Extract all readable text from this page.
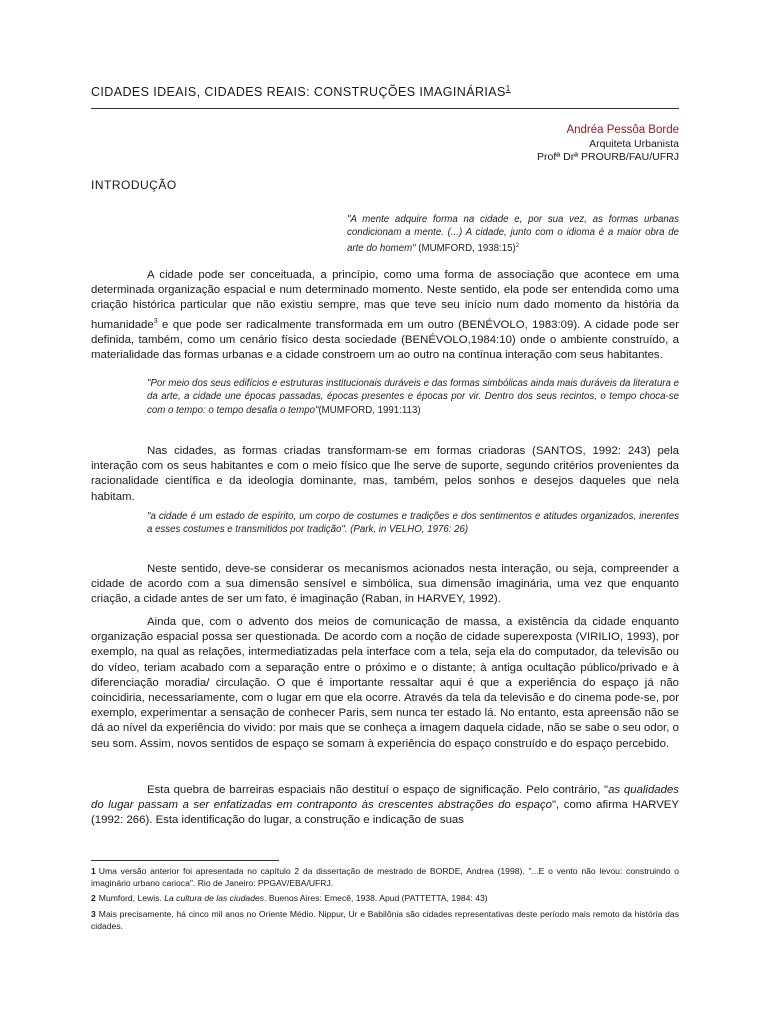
CIDADES IDEAIS, CIDADES REAIS: CONSTRUÇÕES IMAGINÁRIAS$^1$
Andréa Pessôa Borde
Arquiteta Urbanista
Profª Drª PROURB/FAU/UFRJ
INTRODUÇÃO
"A mente adquire forma na cidade e, por sua vez, as formas urbanas condicionam a mente. (...) A cidade, junto com o idioma é a maior obra de arte do homem" (MUMFORD, 1938:15)$^2$
A cidade pode ser conceituada, a princípio, como uma forma de associação que acontece em uma determinada organização espacial e num determinado momento. Neste sentido, ela pode ser entendida como uma criação histórica particular que não existiu sempre, mas que teve seu início num dado momento da história da humanidade$^3$ e que pode ser radicalmente transformada em um outro (BENÉVOLO, 1983:09). A cidade pode ser definida, também, como um cenário físico desta sociedade (BENÉVOLO,1984:10) onde o ambiente construído, a materialidade das formas urbanas e a cidade constroem um ao outro na contínua interação com seus habitantes.
"Por meio dos seus edifícios e estruturas institucionais duráveis e das formas simbólicas ainda mais duráveis da literatura e da arte, a cidade une épocas passadas, épocas presentes e épocas por vir. Dentro dos seus recintos, o tempo choca-se com o tempo: o tempo desafia o tempo"(MUMFORD, 1991:113)
Nas cidades, as formas criadas transformam-se em formas criadoras (SANTOS, 1992: 243) pela interação com os seus habitantes e com o meio físico que lhe serve de suporte, segundo critérios provenientes da racionalidade científica e da ideologia dominante, mas, também, pelos sonhos e desejos daqueles que nela habitam.
"a cidade é um estado de espírito, um corpo de costumes e tradições e dos sentimentos e atitudes organizados, inerentes a esses costumes e transmitidos por tradição". (Park, in VELHO, 1976: 26)
Neste sentido, deve-se considerar os mecanismos acionados nesta interação, ou seja, compreender a cidade de acordo com a sua dimensão sensível e simbólica, sua dimensão imaginária, uma vez que enquanto criação, a cidade antes de ser um fato, é imaginação (Raban, in HARVEY, 1992).
Ainda que, com o advento dos meios de comunicação de massa, a existência da cidade enquanto organização espacial possa ser questionada. De acordo com a noção de cidade superexposta (VIRILIO, 1993), por exemplo, na qual as relações, intermediatizadas pela interface com a tela, seja ela do computador, da televisão ou do vídeo, teriam acabado com a separação entre o próximo e o distante; à antiga ocultação público/privado e à diferenciação moradia/ circulação. O que é importante ressaltar aqui é que a experiência do espaço já não coincidiria, necessariamente, com o lugar em que ela ocorre. Através da tela da televisão e do cinema pode-se, por exemplo, experimentar a sensação de conhecer Paris, sem nunca ter estado lá. No entanto, esta apreensão não se dá ao nível da experiência do vivido: por mais que se conheça a imagem daquela cidade, não se sabe o seu odor, o seu som. Assim, novos sentidos de espaço se somam à experiência do espaço construído e do espaço percebido.
Esta quebra de barreiras espaciais não destituí o espaço de significação. Pelo contrário, "as qualidades do lugar passam a ser enfatizadas em contraponto às crescentes abstrações do espaço", como afirma HARVEY (1992: 266). Esta identificação do lugar, a construção e indicação de suas
1 Uma versão anterior foi apresentada no capítulo 2 da dissertação de mestrado de BORDE, Andrea (1998). "...E o vento não levou: construindo o imaginário urbano carioca". Rio de Janeiro: PPGAV/EBA/UFRJ.
2 Mumford, Lewis. La cultura de las ciudades. Buenos Aires: Emecê, 1938. Apud (PATTETTA, 1984: 43)
3 Mais precisamente, há cinco mil anos no Oriente Médio. Nippur, Ur e Babilônia são cidades representativas deste período mais remoto da história das cidades.
